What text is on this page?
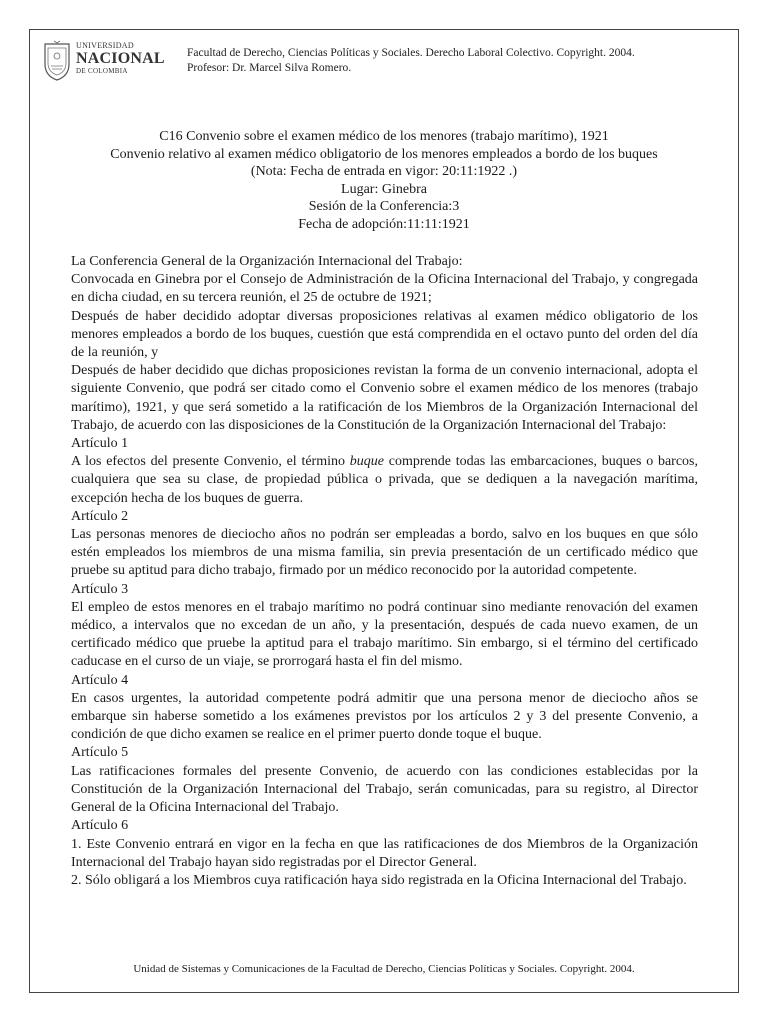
UNIVERSIDAD
NACIONAL
DE COLOMBIA
Facultad de Derecho, Ciencias Políticas y Sociales. Derecho Laboral Colectivo. Copyright. 2004.
Profesor: Dr. Marcel Silva Romero.
C16 Convenio sobre el examen médico de los menores (trabajo marítimo), 1921
Convenio relativo al examen médico obligatorio de los menores empleados a bordo de los buques
(Nota: Fecha de entrada en vigor: 20:11:1922 .)
Lugar: Ginebra
Sesión de la Conferencia:3
Fecha de adopción:11:11:1921
La Conferencia General de la Organización Internacional del Trabajo:
Convocada en Ginebra por el Consejo de Administración de la Oficina Internacional del Trabajo, y congregada en dicha ciudad, en su tercera reunión, el 25 de octubre de 1921;
Después de haber decidido adoptar diversas proposiciones relativas al examen médico obligatorio de los menores empleados a bordo de los buques, cuestión que está comprendida en el octavo punto del orden del día de la reunión, y
Después de haber decidido que dichas proposiciones revistan la forma de un convenio internacional, adopta el siguiente Convenio, que podrá ser citado como el Convenio sobre el examen médico de los menores (trabajo marítimo), 1921, y que será sometido a la ratificación de los Miembros de la Organización Internacional del Trabajo, de acuerdo con las disposiciones de la Constitución de la Organización Internacional del Trabajo:
Artículo 1
A los efectos del presente Convenio, el término buque comprende todas las embarcaciones, buques o barcos, cualquiera que sea su clase, de propiedad pública o privada, que se dediquen a la navegación marítima, excepción hecha de los buques de guerra.
Artículo 2
Las personas menores de dieciocho años no podrán ser empleadas a bordo, salvo en los buques en que sólo estén empleados los miembros de una misma familia, sin previa presentación de un certificado médico que pruebe su aptitud para dicho trabajo, firmado por un médico reconocido por la autoridad competente.
Artículo 3
El empleo de estos menores en el trabajo marítimo no podrá continuar sino mediante renovación del examen médico, a intervalos que no excedan de un año, y la presentación, después de cada nuevo examen, de un certificado médico que pruebe la aptitud para el trabajo marítimo. Sin embargo, si el término del certificado caducase en el curso de un viaje, se prorrogará hasta el fin del mismo.
Artículo 4
En casos urgentes, la autoridad competente podrá admitir que una persona menor de dieciocho años se embarque sin haberse sometido a los exámenes previstos por los artículos 2 y 3 del presente Convenio, a condición de que dicho examen se realice en el primer puerto donde toque el buque.
Artículo 5
Las ratificaciones formales del presente Convenio, de acuerdo con las condiciones establecidas por la Constitución de la Organización Internacional del Trabajo, serán comunicadas, para su registro, al Director General de la Oficina Internacional del Trabajo.
Artículo 6
1. Este Convenio entrará en vigor en la fecha en que las ratificaciones de dos Miembros de la Organización Internacional del Trabajo hayan sido registradas por el Director General.
2. Sólo obligará a los Miembros cuya ratificación haya sido registrada en la Oficina Internacional del Trabajo.
Unidad de Sistemas y Comunicaciones de la Facultad de Derecho, Ciencias Políticas y Sociales. Copyright. 2004.
